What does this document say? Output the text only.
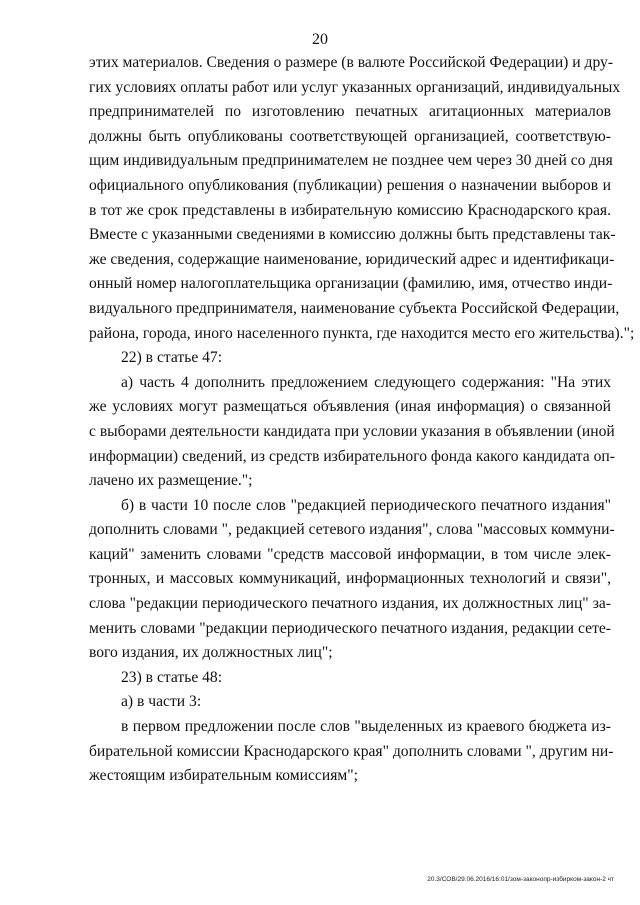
20
этих материалов. Сведения о размере (в валюте Российской Федерации) и дру-
гих условиях оплаты работ или услуг указанных организаций, индивидуальных
предпринимателей по изготовлению печатных агитационных материалов
должны быть опубликованы соответствующей организацией, соответствую-
щим индивидуальным предпринимателем не позднее чем через 30 дней со дня
официального опубликования (публикации) решения о назначении выборов и
в тот же срок представлены в избирательную комиссию Краснодарского края.
Вместе с указанными сведениями в комиссию должны быть представлены так-
же сведения, содержащие наименование, юридический адрес и идентификаци-
онный номер налогоплательщика организации (фамилию, имя, отчество инди-
видуального предпринимателя, наименование субъекта Российской Федерации,
района, города, иного населенного пункта, где находится место его жительства).";
22) в статье 47:
а) часть 4 дополнить предложением следующего содержания: "На этих
же условиях могут размещаться объявления (иная информация) о связанной
с выборами деятельности кандидата при условии указания в объявлении (иной
информации) сведений, из средств избирательного фонда какого кандидата оп-
лачено их размещение.";
б) в части 10 после слов "редакцией периодического печатного издания"
дополнить словами ", редакцией сетевого издания", слова "массовых коммуни-
каций" заменить словами "средств массовой информации, в том числе элек-
тронных, и массовых коммуникаций, информационных технологий и связи",
слова "редакции периодического печатного издания, их должностных лиц" за-
менить словами "редакции периодического печатного издания, редакции сете-
вого издания, их должностных лиц";
23) в статье 48:
а) в части 3:
в первом предложении после слов "выделенных из краевого бюджета из-
бирательной комиссии Краснодарского края" дополнить словами ", другим ни-
жестоящим избирательным комиссиям";
20.3/СОВ/29.06.2016/16:01/зом-законопр-избирком-закон-2 чт
